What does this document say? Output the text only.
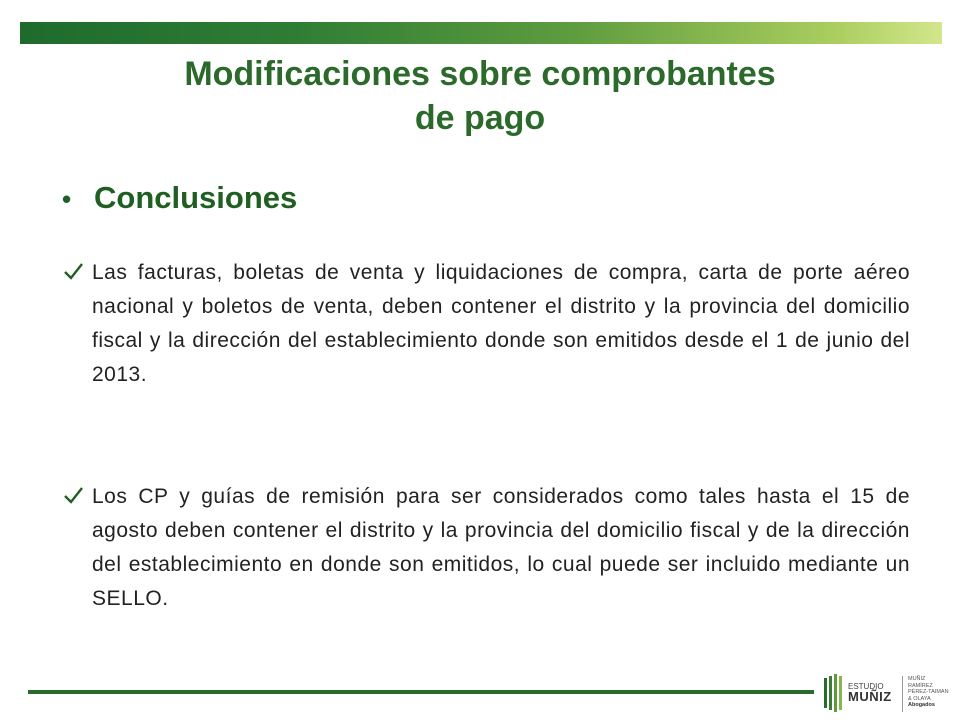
Modificaciones sobre comprobantes
de pago
• Conclusiones
Las facturas, boletas de venta y liquidaciones de compra, carta de porte aéreo nacional y boletos de venta, deben contener el distrito y la provincia del domicilio fiscal y la dirección del establecimiento donde son emitidos desde el 1 de junio del 2013.
Los CP y guías de remisión para ser considerados como tales hasta el 15 de agosto deben contener el distrito y la provincia del domicilio fiscal y de la dirección del establecimiento en donde son emitidos, lo cual puede ser incluido mediante un SELLO.
ESTUDIO
MUÑIZ
MUÑIZ
RAMÍREZ
PÉREZ-TAIMAN
& OLAYA
Abogados
